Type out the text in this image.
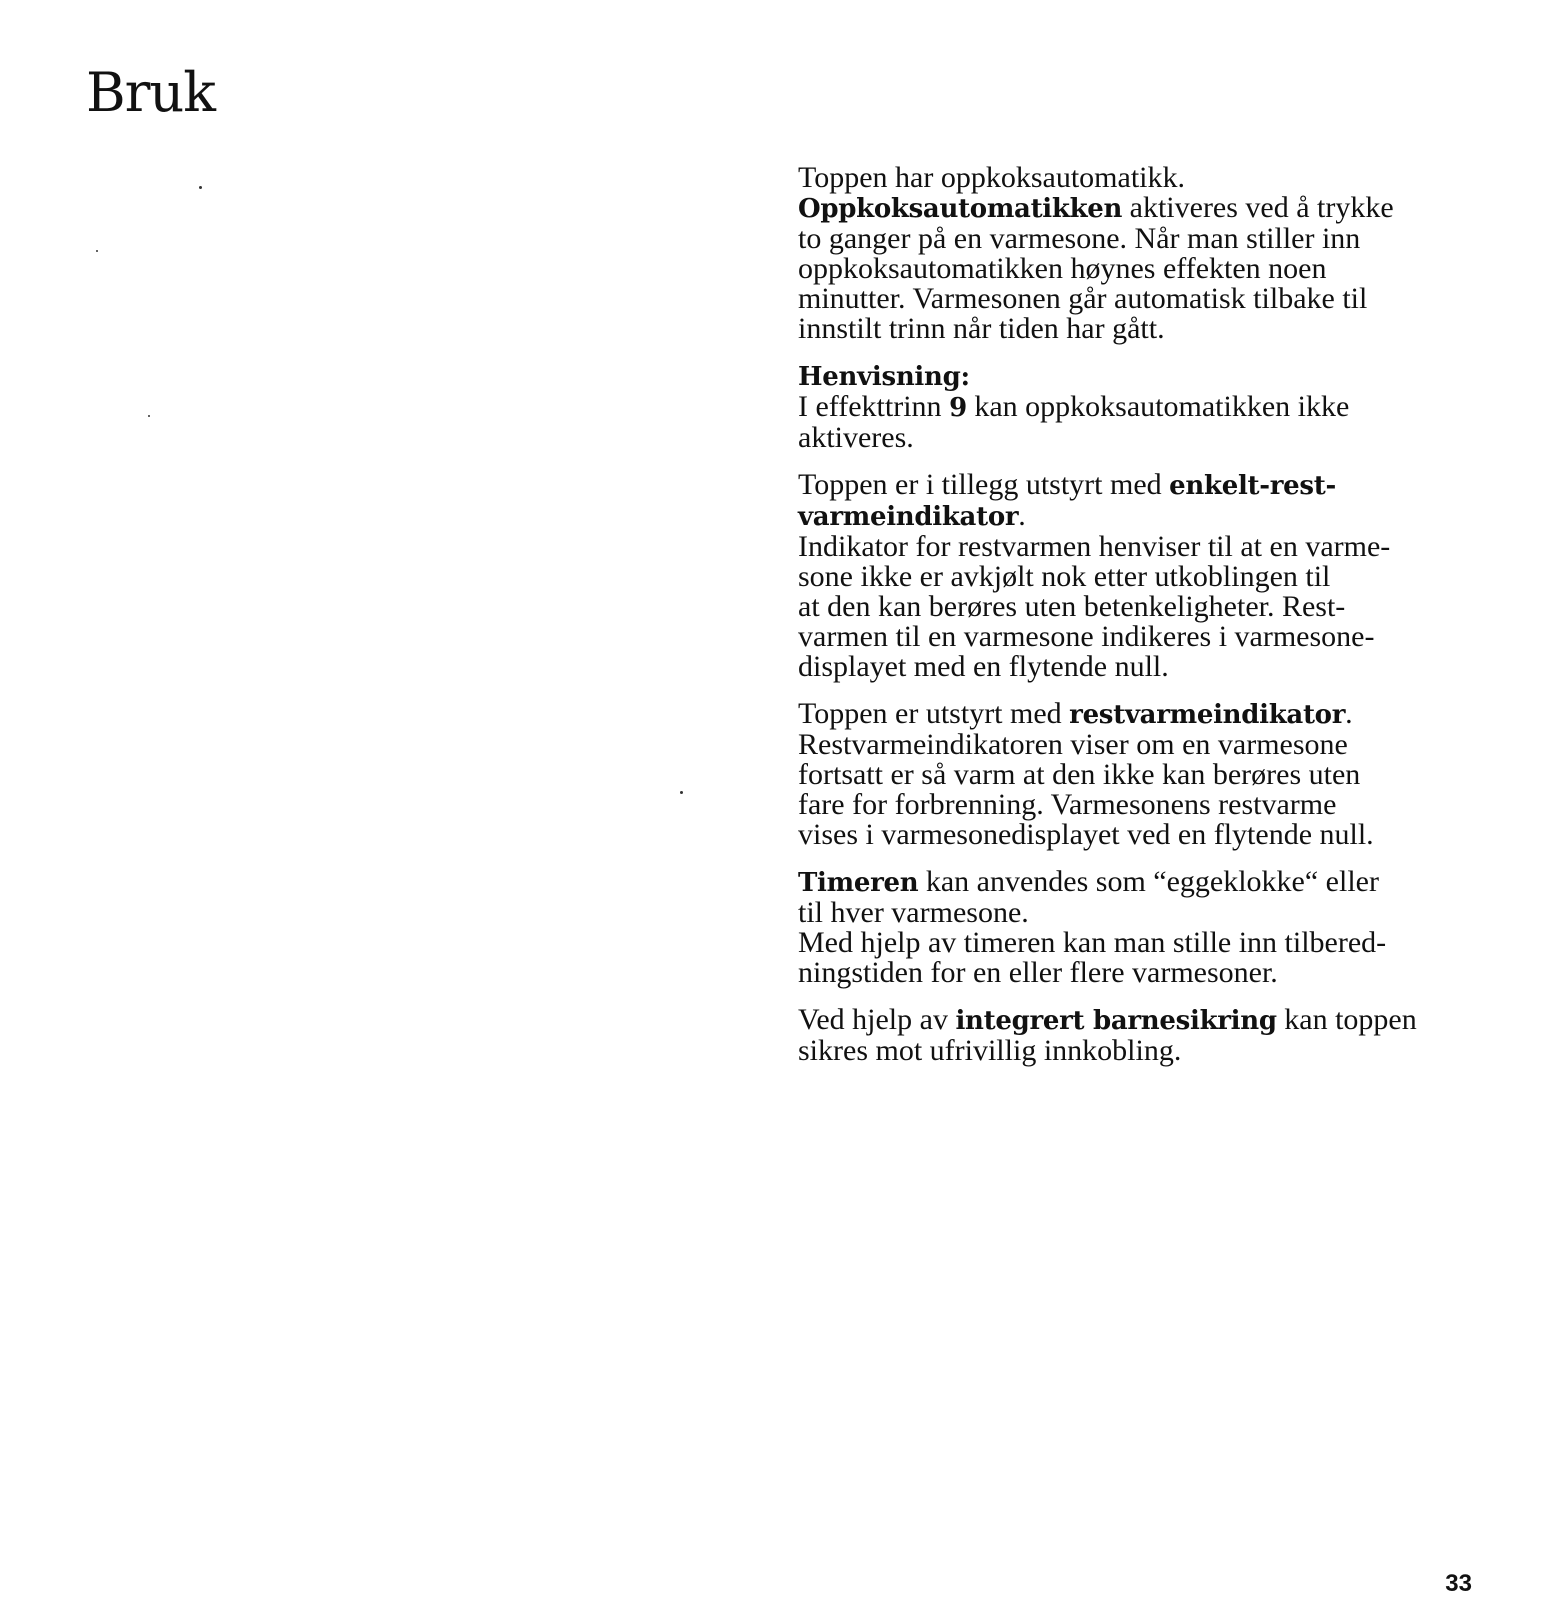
Bruk

Toppen har oppkoksautomatikk.
Oppkoksautomatikken aktiveres ved å trykke
to ganger på en varmesone. Når man stiller inn
oppkoksautomatikken høynes effekten noen
minutter. Varmesonen går automatisk tilbake til
innstilt trinn når tiden har gått.

Henvisning:
I effekttrinn 9 kan oppkoksautomatikken ikke
aktiveres.

Toppen er i tillegg utstyrt med enkelt-rest-
varmeindikator.
Indikator for restvarmen henviser til at en varme-
sone ikke er avkjølt nok etter utkoblingen til
at den kan berøres uten betenkeligheter. Rest-
varmen til en varmesone indikeres i varmesone-
displayet med en flytende null.

Toppen er utstyrt med restvarmeindikator.
Restvarmeindikatoren viser om en varmesone
fortsatt er så varm at den ikke kan berøres uten
fare for forbrenning. Varmesonens restvarme
vises i varmesonedisplayet ved en flytende null.

Timeren kan anvendes som “eggeklokke“ eller
til hver varmesone.
Med hjelp av timeren kan man stille inn tilbered-
ningstiden for en eller flere varmesoner.

Ved hjelp av integrert barnesikring kan toppen
sikres mot ufrivillig innkobling.

33
